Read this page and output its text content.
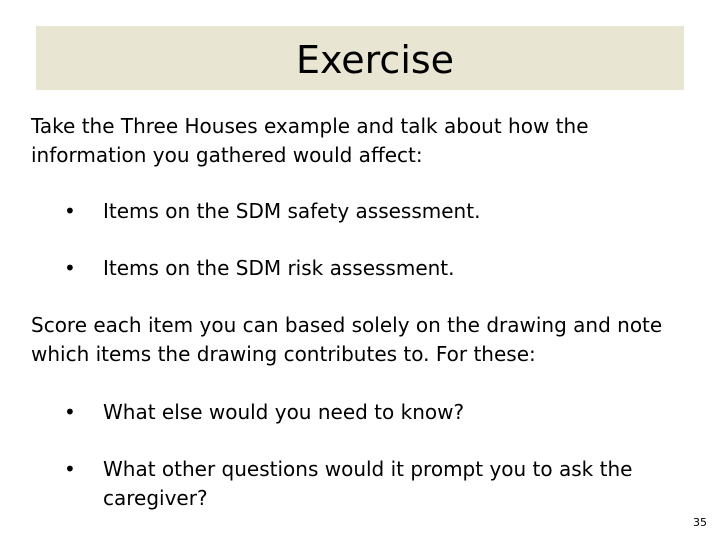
Exercise

Take the Three Houses example and talk about how the information you gathered would affect:

• Items on the SDM safety assessment.
• Items on the SDM risk assessment.

Score each item you can based solely on the drawing and note which items the drawing contributes to. For these:

• What else would you need to know?
• What other questions would it prompt you to ask the caregiver?
35
